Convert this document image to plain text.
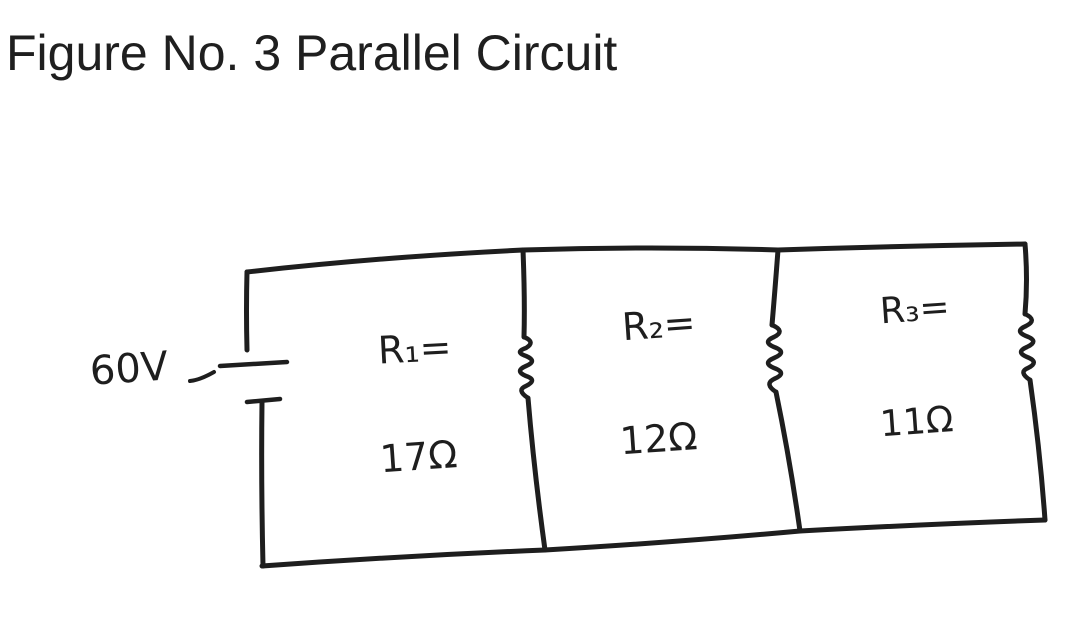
Figure No. 3 Parallel Circuit
60V	R₁=
17Ω
R₂=
12Ω
R₃=
11Ω
